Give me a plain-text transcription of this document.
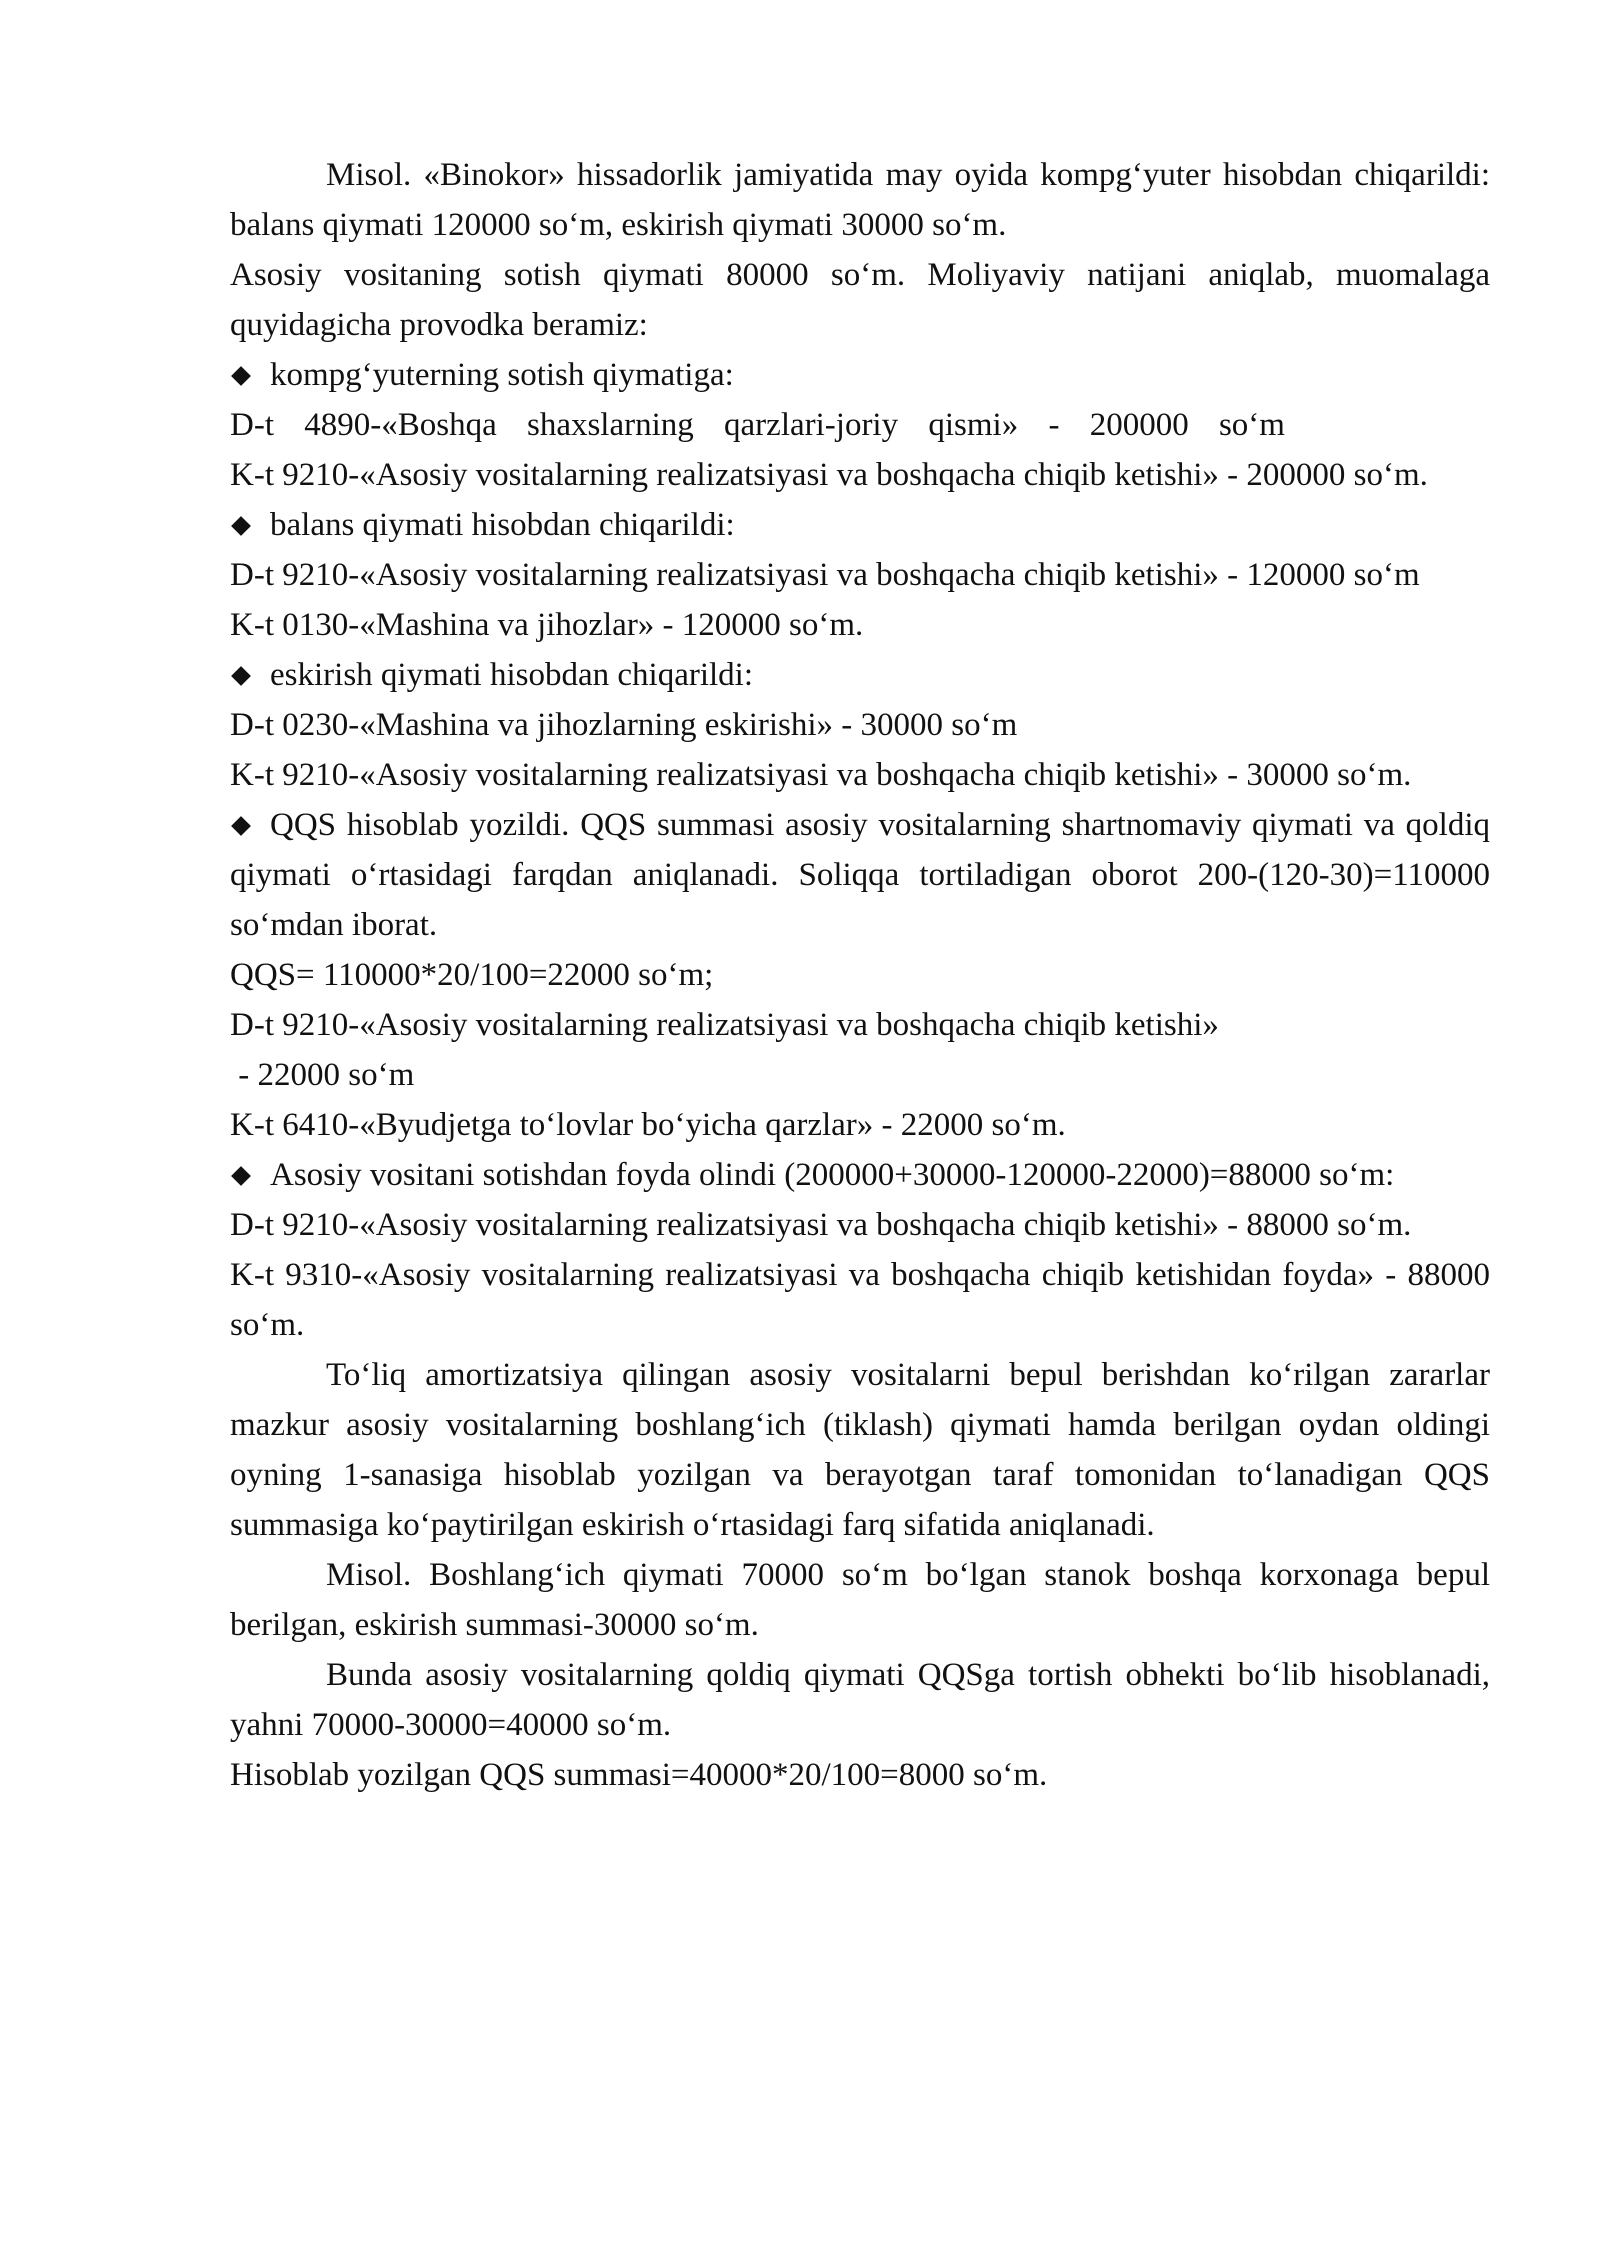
Misol. «Binokor» hissadorlik jamiyatida may oyida kompg‘yuter hisobdan chiqarildi: balans qiymati 120000 so‘m, eskirish qiymati 30000 so‘m.

Asosiy vositaning sotish qiymati 80000 so‘m. Moliyaviy natijani aniqlab, muomalaga quyidagicha provodka beramiz:

kompg‘yuterning sotish qiymatiga:

D-t 4890-«Boshqa shaxslarning qarzlari-joriy qismi» - 200000 so‘m

K-t 9210-«Asosiy vositalarning realizatsiyasi va boshqacha chiqib ketishi» - 200000 so‘m.

balans qiymati hisobdan chiqarildi:

D-t 9210-«Asosiy vositalarning realizatsiyasi va boshqacha chiqib ketishi» - 120000 so‘m

K-t 0130-«Mashina va jihozlar» - 120000 so‘m.

eskirish qiymati hisobdan chiqarildi:

D-t 0230-«Mashina va jihozlarning eskirishi» - 30000 so‘m

K-t 9210-«Asosiy vositalarning realizatsiyasi va boshqacha chiqib ketishi» - 30000 so‘m.

QQS hisoblab yozildi. QQS summasi asosiy vositalarning shartnomaviy qiymati va qoldiq qiymati o‘rtasidagi farqdan aniqlanadi. Soliqqa tortiladigan oborot 200-(120-30)=110000 so‘mdan iborat.

QQS= 110000*20/100=22000 so‘m;

D-t 9210-«Asosiy vositalarning realizatsiyasi va boshqacha chiqib ketishi»

- 22000 so‘m

K-t 6410-«Byudjetga to‘lovlar bo‘yicha qarzlar» - 22000 so‘m.

Asosiy vositani sotishdan foyda olindi (200000+30000-120000-22000)=88000 so‘m:

D-t 9210-«Asosiy vositalarning realizatsiyasi va boshqacha chiqib ketishi» - 88000 so‘m.

K-t 9310-«Asosiy vositalarning realizatsiyasi va boshqacha chiqib ketishidan foyda» - 88000 so‘m.

To‘liq amortizatsiya qilingan asosiy vositalarni bepul berishdan ko‘rilgan zararlar mazkur asosiy vositalarning boshlang‘ich (tiklash) qiymati hamda berilgan oydan oldingi oyning 1-sanasiga hisoblab yozilgan va berayotgan taraf tomonidan to‘lanadigan QQS summasiga ko‘paytirilgan eskirish o‘rtasidagi farq sifatida aniqlanadi.

Misol. Boshlang‘ich qiymati 70000 so‘m bo‘lgan stanok boshqa korxonaga bepul berilgan, eskirish summasi-30000 so‘m.

Bunda asosiy vositalarning qoldiq qiymati QQSga tortish obhekti bo‘lib hisoblanadi, yahni 70000-30000=40000 so‘m.

Hisoblab yozilgan QQS summasi=40000*20/100=8000 so‘m.
